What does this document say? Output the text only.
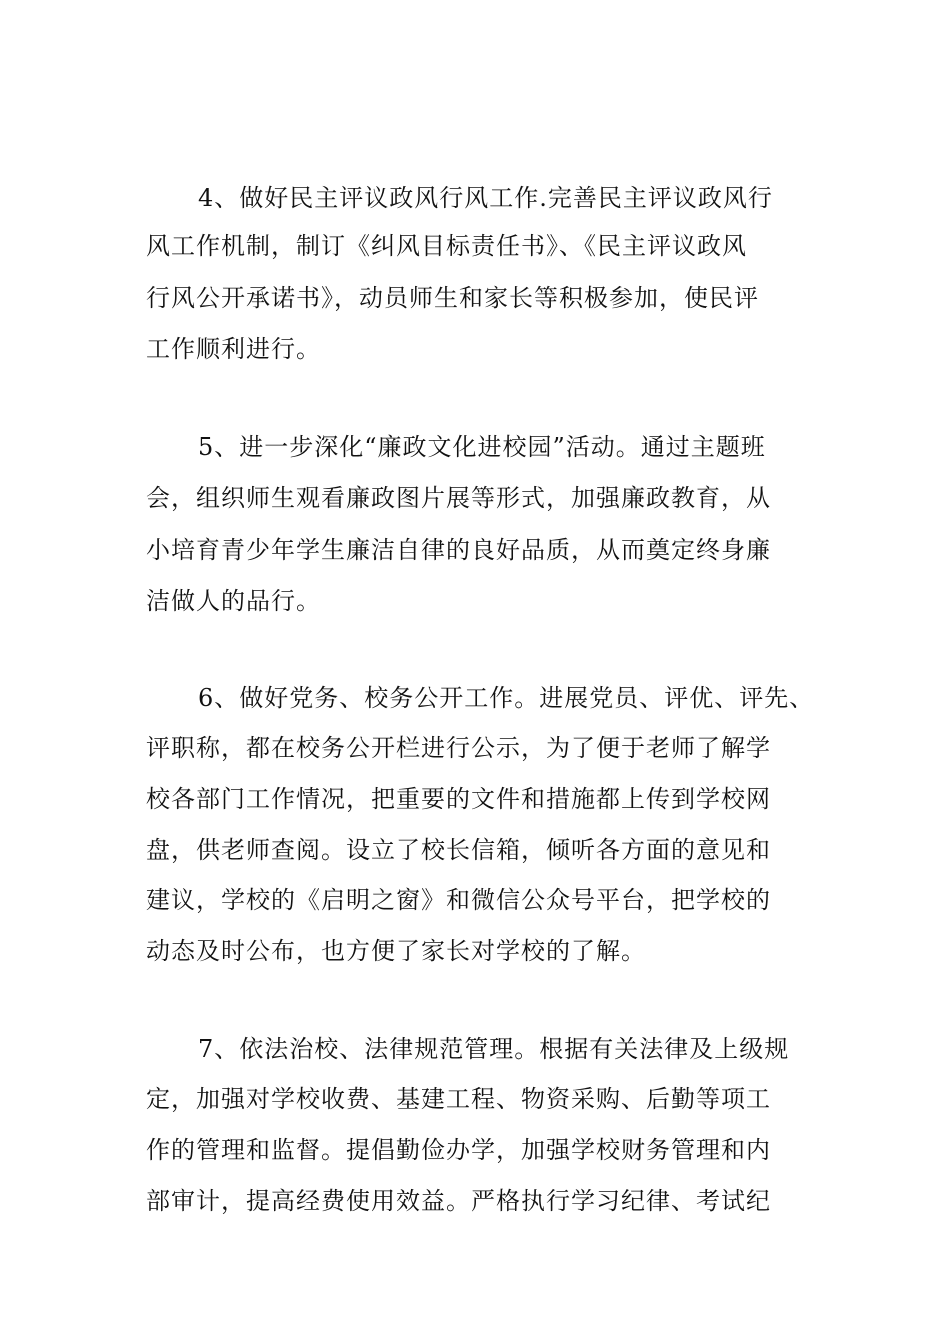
4、做好民主评议政风行风工作.完善民主评议政风行
风工作机制，制订《纠风目标责任书》、《民主评议政风
行风公开承诺书》，动员师生和家长等积极参加，使民评
工作顺利进行。
5、进一步深化“廉政文化进校园”活动。通过主题班
会，组织师生观看廉政图片展等形式，加强廉政教育，从
小培育青少年学生廉洁自律的良好品质，从而奠定终身廉
洁做人的品行。
6、做好党务、校务公开工作。进展党员、评优、评先、
评职称，都在校务公开栏进行公示，为了便于老师了解学
校各部门工作情况，把重要的文件和措施都上传到学校网
盘，供老师查阅。设立了校长信箱，倾听各方面的意见和
建议，学校的《启明之窗》和微信公众号平台，把学校的
动态及时公布，也方便了家长对学校的了解。
7、依法治校、法律规范管理。根据有关法律及上级规
定，加强对学校收费、基建工程、物资采购、后勤等项工
作的管理和监督。提倡勤俭办学，加强学校财务管理和内
部审计，提高经费使用效益。严格执行学习纪律、考试纪
